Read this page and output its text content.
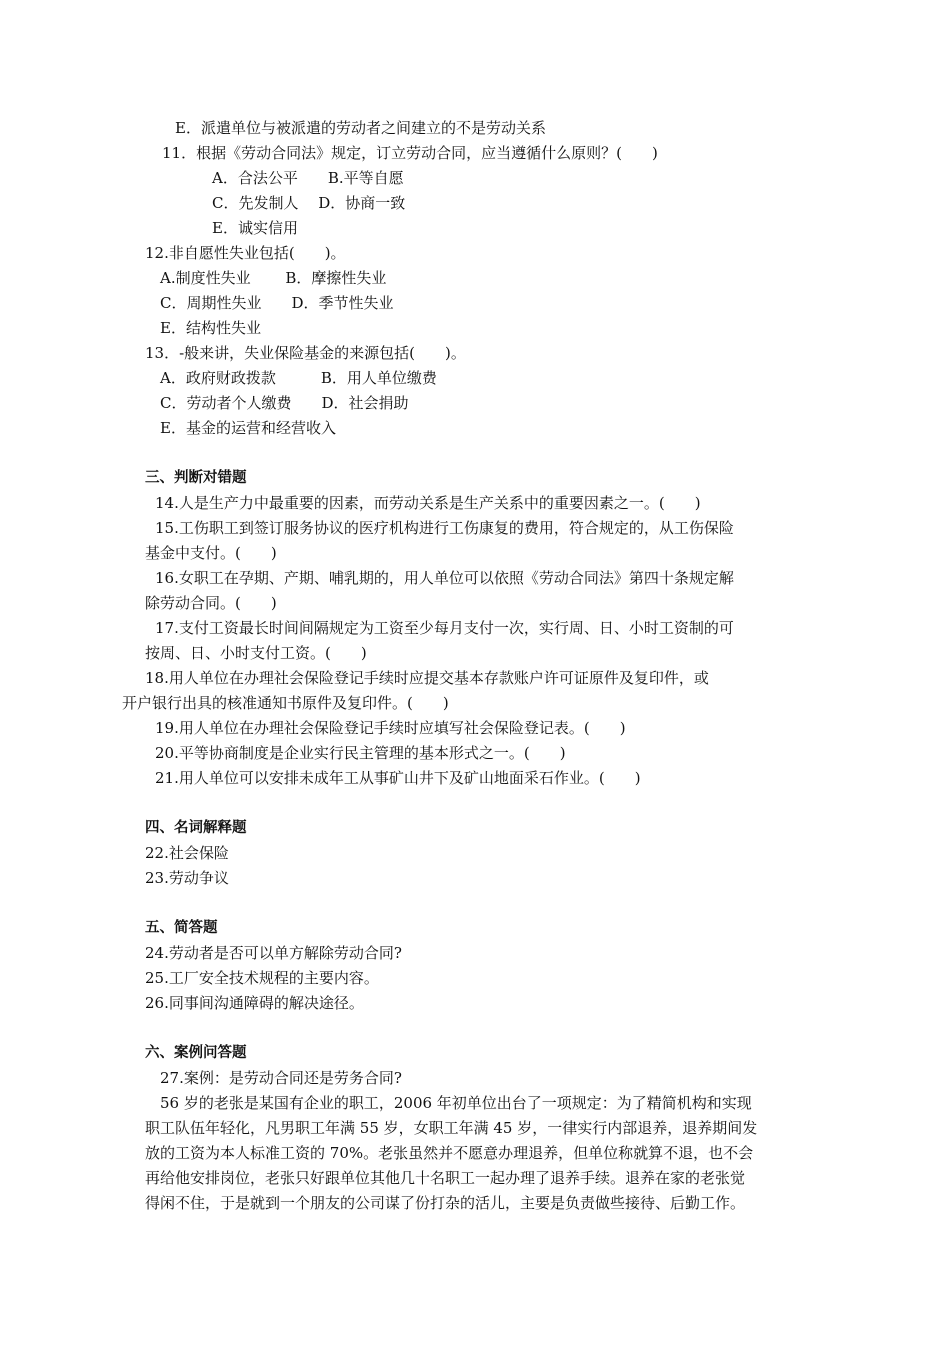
E．派遣单位与被派遣的劳动者之间建立的不是劳动关系
11．根据《劳动合同法》规定，订立劳动合同，应当遵循什么原则？(　　)
A．合法公平　　B.平等自愿
C．先发制人　 D．协商一致
E．诚实信用
12.非自愿性失业包括(　　)。
A.制度性失业　　 B．摩擦性失业
C．周期性失业　　D．季节性失业
E．结构性失业
13．-般来讲，失业保险基金的来源包括(　　)。
A．政府财政拨款　　　B．用人单位缴费
C．劳动者个人缴费　　D．社会捐助
E．基金的运营和经营收入
三、判断对错题
14.人是生产力中最重要的因素，而劳动关系是生产关系中的重要因素之一。(　　)
15.工伤职工到签订服务协议的医疗机构进行工伤康复的费用，符合规定的，从工伤保险
基金中支付。(　　)
16.女职工在孕期、产期、哺乳期的，用人单位可以依照《劳动合同法》第四十条规定解
除劳动合同。(　　)
17.支付工资最长时间间隔规定为工资至少每月支付一次，实行周、日、小时工资制的可
按周、日、小时支付工资。(　　)
18.用人单位在办理社会保险登记手续时应提交基本存款账户许可证原件及复印件，或
开户银行出具的核准通知书原件及复印件。(　　)
19.用人单位在办理社会保险登记手续时应填写社会保险登记表。(　　)
20.平等协商制度是企业实行民主管理的基本形式之一。(　　)
21.用人单位可以安排未成年工从事矿山井下及矿山地面采石作业。(　　)
四、名词解释题
22.社会保险
23.劳动争议
五、简答题
24.劳动者是否可以单方解除劳动合同?
25.工厂安全技术规程的主要内容。
26.同事间沟通障碍的解决途径。
六、案例问答题
27.案例：是劳动合同还是劳务合同?
56 岁的老张是某国有企业的职工，2006 年初单位出台了一项规定：为了精简机构和实现
职工队伍年轻化，凡男职工年满 55 岁，女职工年满 45 岁，一律实行内部退养，退养期间发
放的工资为本人标准工资的 70%。老张虽然并不愿意办理退养，但单位称就算不退，也不会
再给他安排岗位，老张只好跟单位其他几十名职工一起办理了退养手续。退养在家的老张觉
得闲不住，于是就到一个朋友的公司谋了份打杂的活儿，主要是负责做些接待、后勤工作。
